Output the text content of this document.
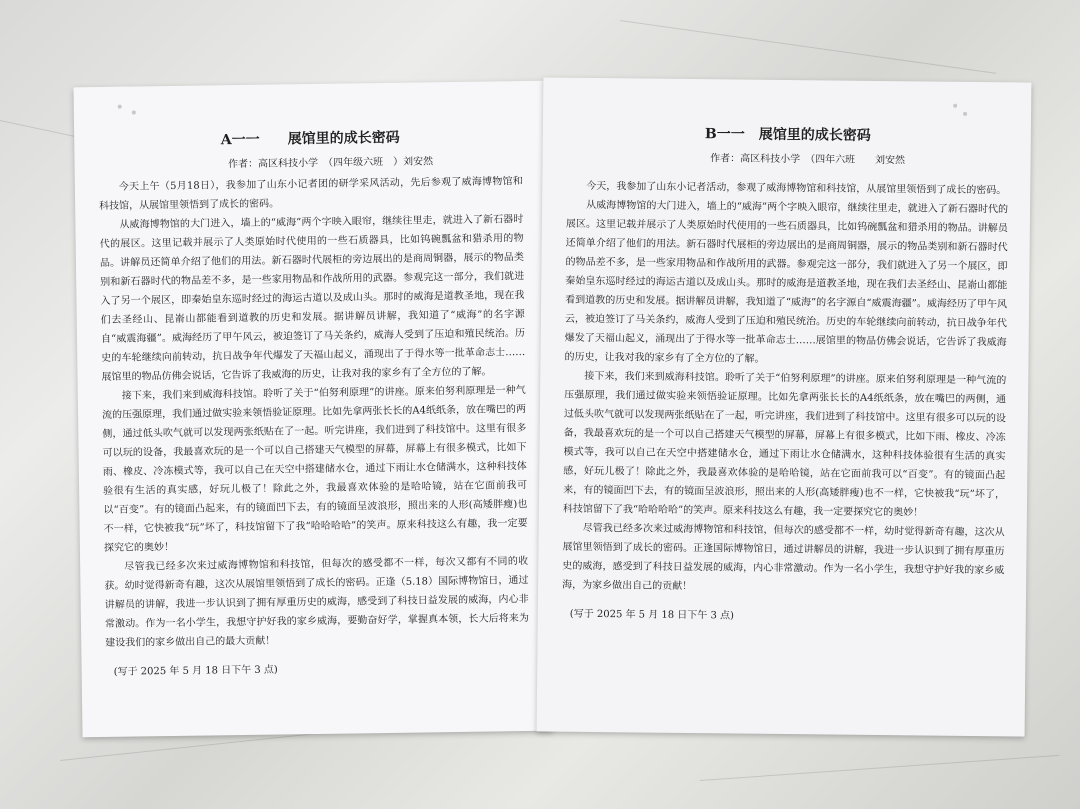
A一一　　展馆里的成长密码
作者：高区科技小学　（四年级六班　）刘安然

今天上午（5月18日），我参加了山东小记者团的研学采风活动，先后参观了威海博物馆和科技馆，从展馆里领悟到了成长的密码。

从威海博物馆的大门进入，墙上的“威海”两个字映入眼帘，继续往里走，就进入了新石器时代的展区。这里记载并展示了人类原始时代使用的一些石质器具，比如钨碗瓢盆和猎杀用的物品。讲解员还简单介绍了他们的用法。新石器时代展柜的旁边展出的是商周铜器，展示的物品类别和新石器时代的物品差不多，是一些家用物品和作战所用的武器。参观完这一部分，我们就进入了另一个展区，即秦始皇东巡时经过的海运古道以及成山头。那时的威海是道教圣地，现在我们去圣经山、昆嵛山都能看到道教的历史和发展。据讲解员讲解，我知道了“威海”的名字源自“威震海疆”。威海经历了甲午风云，被迫签订了马关条约，威海人受到了压迫和殖民统治。历史的车轮继续向前转动，抗日战争年代爆发了天福山起义，涌现出了于得水等一批革命志士……展馆里的物品仿佛会说话，它告诉了我威海的历史，让我对我的家乡有了全方位的了解。

接下来，我们来到威海科技馆。聆听了关于“伯努利原理”的讲座。原来伯努利原理是一种气流的压强原理，我们通过做实验来领悟验证原理。比如先拿两张长长的A4纸纸条，放在嘴巴的两侧，通过低头吹气就可以发现两张纸贴在了一起。听完讲座，我们进到了科技馆中。这里有很多可以玩的设备，我最喜欢玩的是一个可以自己搭建天气模型的屏幕，屏幕上有很多模式，比如下雨、橡皮、冷冻模式等，我可以自己在天空中搭建储水仓，通过下雨让水仓储满水，这种科技体验很有生活的真实感，好玩儿极了！除此之外，我最喜欢体验的是哈哈镜，站在它面前我可以“百变”。有的镜面凸起来，有的镜面凹下去，有的镜面呈波浪形，照出来的人形(高矮胖瘦)也不一样，它快被我“玩”坏了，科技馆留下了我“哈哈哈哈”的笑声。原来科技这么有趣，我一定要探究它的奥妙！

尽管我已经多次来过威海博物馆和科技馆，但每次的感受都不一样，每次又都有不同的收获。幼时觉得新奇有趣，这次从展馆里领悟到了成长的密码。正逢（5.18）国际博物馆日，通过讲解员的讲解，我进一步认识到了拥有厚重历史的威海，感受到了科技日益发展的威海，内心非常激动。作为一名小学生，我想守护好我的家乡威海，要勤奋好学，掌握真本领，长大后将来为建设我们的家乡做出自己的最大贡献！

(写于 2025 年 5 月 18 日下午 3 点)
B一一　展馆里的成长密码
作者：高区科技小学　（四年六班　　刘安然

今天，我参加了山东小记者活动，参观了威海博物馆和科技馆，从展馆里领悟到了成长的密码。

从威海博物馆的大门进入，墙上的“威海”两个字映入眼帘，继续往里走，就进入了新石器时代的展区。这里记载并展示了人类原始时代使用的一些石质器具，比如钨碗瓢盆和猎杀用的物品。讲解员还简单介绍了他们的用法。新石器时代展柜的旁边展出的是商周铜器，展示的物品类别和新石器时代的物品差不多，是一些家用物品和作战所用的武器。参观完这一部分，我们就进入了另一个展区，即秦始皇东巡时经过的海运古道以及成山头。那时的威海是道教圣地，现在我们去圣经山、昆嵛山都能看到道教的历史和发展。据讲解员讲解，我知道了“威海”的名字源自“威震海疆”。威海经历了甲午风云，被迫签订了马关条约，威海人受到了压迫和殖民统治。历史的车轮继续向前转动，抗日战争年代爆发了天福山起义，涌现出了于得水等一批革命志士……展馆里的物品仿佛会说话，它告诉了我威海的历史，让我对我的家乡有了全方位的了解。

接下来，我们来到威海科技馆。聆听了关于“伯努利原理”的讲座。原来伯努利原理是一种气流的压强原理，我们通过做实验来领悟验证原理。比如先拿两张长长的A4纸纸条，放在嘴巴的两侧，通过低头吹气就可以发现两张纸贴在了一起，听完讲座，我们进到了科技馆中。这里有很多可以玩的设备，我最喜欢玩的是一个可以自己搭建天气模型的屏幕，屏幕上有很多模式，比如下雨、橡皮、冷冻模式等，我可以自己在天空中搭建储水仓，通过下雨让水仓储满水，这种科技体验很有生活的真实感，好玩儿极了！除此之外，我最喜欢体验的是哈哈镜，站在它面前我可以“百变”。有的镜面凸起来，有的镜面凹下去，有的镜面呈波浪形，照出来的人形(高矮胖瘦)也不一样，它快被我“玩”坏了，科技馆留下了我“哈哈哈哈”的笑声。原来科技这么有趣，我一定要探究它的奥妙！

尽管我已经多次来过威海博物馆和科技馆，但每次的感受都不一样，幼时觉得新奇有趣，这次从展馆里领悟到了成长的密码。正逢国际博物馆日，通过讲解员的讲解，我进一步认识到了拥有厚重历史的威海，感受到了科技日益发展的威海，内心非常激动。作为一名小学生，我想守护好我的家乡威海，为家乡做出自己的贡献！

(写于 2025 年 5 月 18 日下午 3 点)
